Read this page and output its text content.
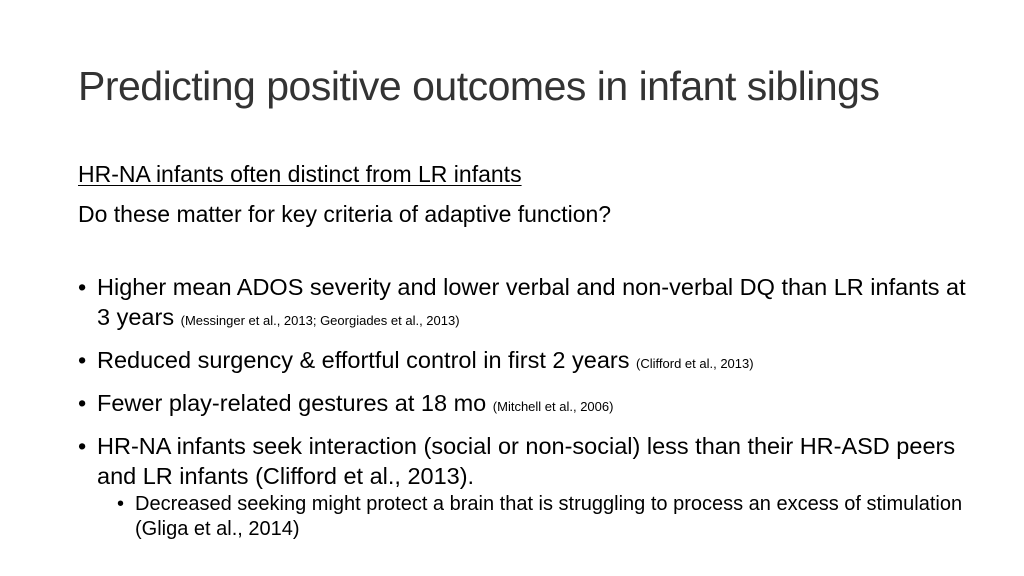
Predicting positive outcomes in infant siblings
HR-NA infants often distinct from LR infants
Do these matter for key criteria of adaptive function?
• Higher mean ADOS severity and lower verbal and non-verbal DQ than LR infants at 3 years (Messinger et al., 2013; Georgiades et al., 2013)
• Reduced surgency & effortful control in first 2 years (Clifford et al., 2013)
• Fewer play-related gestures at 18 mo (Mitchell et al., 2006)
• HR-NA infants seek interaction (social or non-social) less than their HR-ASD peers and LR infants (Clifford et al., 2013).
• Decreased seeking might protect a brain that is struggling to process an excess of stimulation (Gliga et al., 2014)
